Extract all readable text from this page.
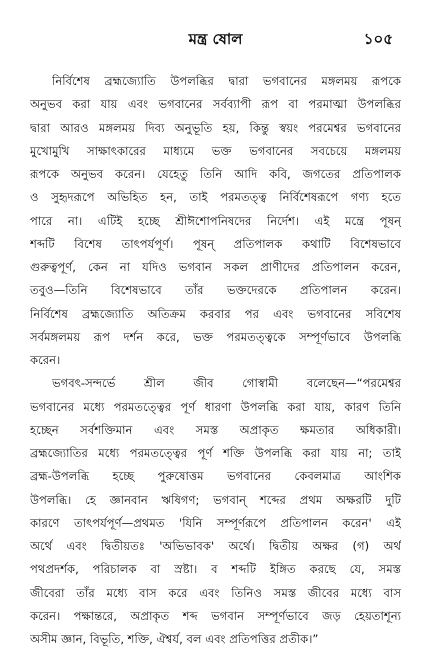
মন্ত্র ষোল	১০৫
নির্বিশেষ ব্রহ্মজ্যোতি উপলব্ধির দ্বারা ভগবানের মঙ্গলময় রূপকে
অনুভব করা যায় এবং ভগবানের সর্বব্যাপী রূপ বা পরমাত্মা উপলব্ধির
দ্বারা আরও মঙ্গলময় দিব্য অনুভূতি হয়, কিন্তু স্বয়ং পরমেশ্বর ভগবানের
মুখোমুখি সাক্ষাৎকারের মাধ্যমে ভক্ত ভগবানের সবচেয়ে মঙ্গলময়
রূপকে অনুভব করেন। যেহেতু তিনি আদি কবি, জগতের প্রতিপালক
ও সুহৃদরূপে অভিহিত হন, তাই পরমতত্ত্ব নির্বিশেষরূপে গণ্য হতে
পারে না। এটিই হচ্ছে শ্রীঈশোপনিষদের নির্দেশ। এই মন্ত্রে পূষন্
শব্দটি বিশেষ তাৎপর্যপূর্ণ। পূষন্ প্রতিপালক কথাটি বিশেষভাবে
গুরুত্বপূর্ণ, কেন না যদিও ভগবান সকল প্রাণীদের প্রতিপালন করেন,
তবুও—তিনি বিশেষভাবে তাঁর ভক্তদেরকে প্রতিপালন করেন।
নির্বিশেষ ব্রহ্মজ্যোতি অতিক্রম করবার পর এবং ভগবানের সবিশেষ
সর্বমঙ্গলময় রূপ দর্শন করে, ভক্ত পরমতত্ত্বকে সম্পূর্ণভাবে উপলব্ধি
করেন।
ভগবৎ-সন্দর্ভে শ্রীল জীব গোস্বামী বলেছেন—“পরমেশ্বর
ভগবানের মধ্যে পরমতত্ত্বের পূর্ণ ধারণা উপলব্ধি করা যায়, কারণ তিনি
হচ্ছেন সর্বশক্তিমান এবং সমস্ত অপ্রাকৃত ক্ষমতার অধিকারী।
ব্রহ্মজ্যোতির মধ্যে পরমতত্ত্বের পূর্ণ শক্তি উপলব্ধি করা যায় না; তাই
ব্রহ্ম-উপলব্ধি হচ্ছে পুরুষোত্তম ভগবানের কেবলমাত্র আংশিক
উপলব্ধি। হে জ্ঞানবান ঋষিগণ; ভগবান্ শব্দের প্রথম অক্ষরটি দুটি
কারণে তাৎপর্যপূর্ণ—প্রথমত 'যিনি সম্পূর্ণরূপে প্রতিপালন করেন' এই
অর্থে এবং দ্বিতীয়তঃ 'অভিভাবক' অর্থে। দ্বিতীয় অক্ষর (গ) অর্থ
পথপ্রদর্শক, পরিচালক বা স্রষ্টা। ব শব্দটি ইঙ্গিত করছে যে, সমস্ত
জীবেরা তাঁর মধ্যে বাস করে এবং তিনিও সমস্ত জীবের মধ্যে বাস
করেন। পক্ষান্তরে, অপ্রাকৃত শব্দ ভগবান সম্পূর্ণভাবে জড় হেয়তাশূন্য
অসীম জ্ঞান, বিভূতি, শক্তি, ঐশ্বর্য, বল এবং প্রতিপত্তির প্রতীক।”
